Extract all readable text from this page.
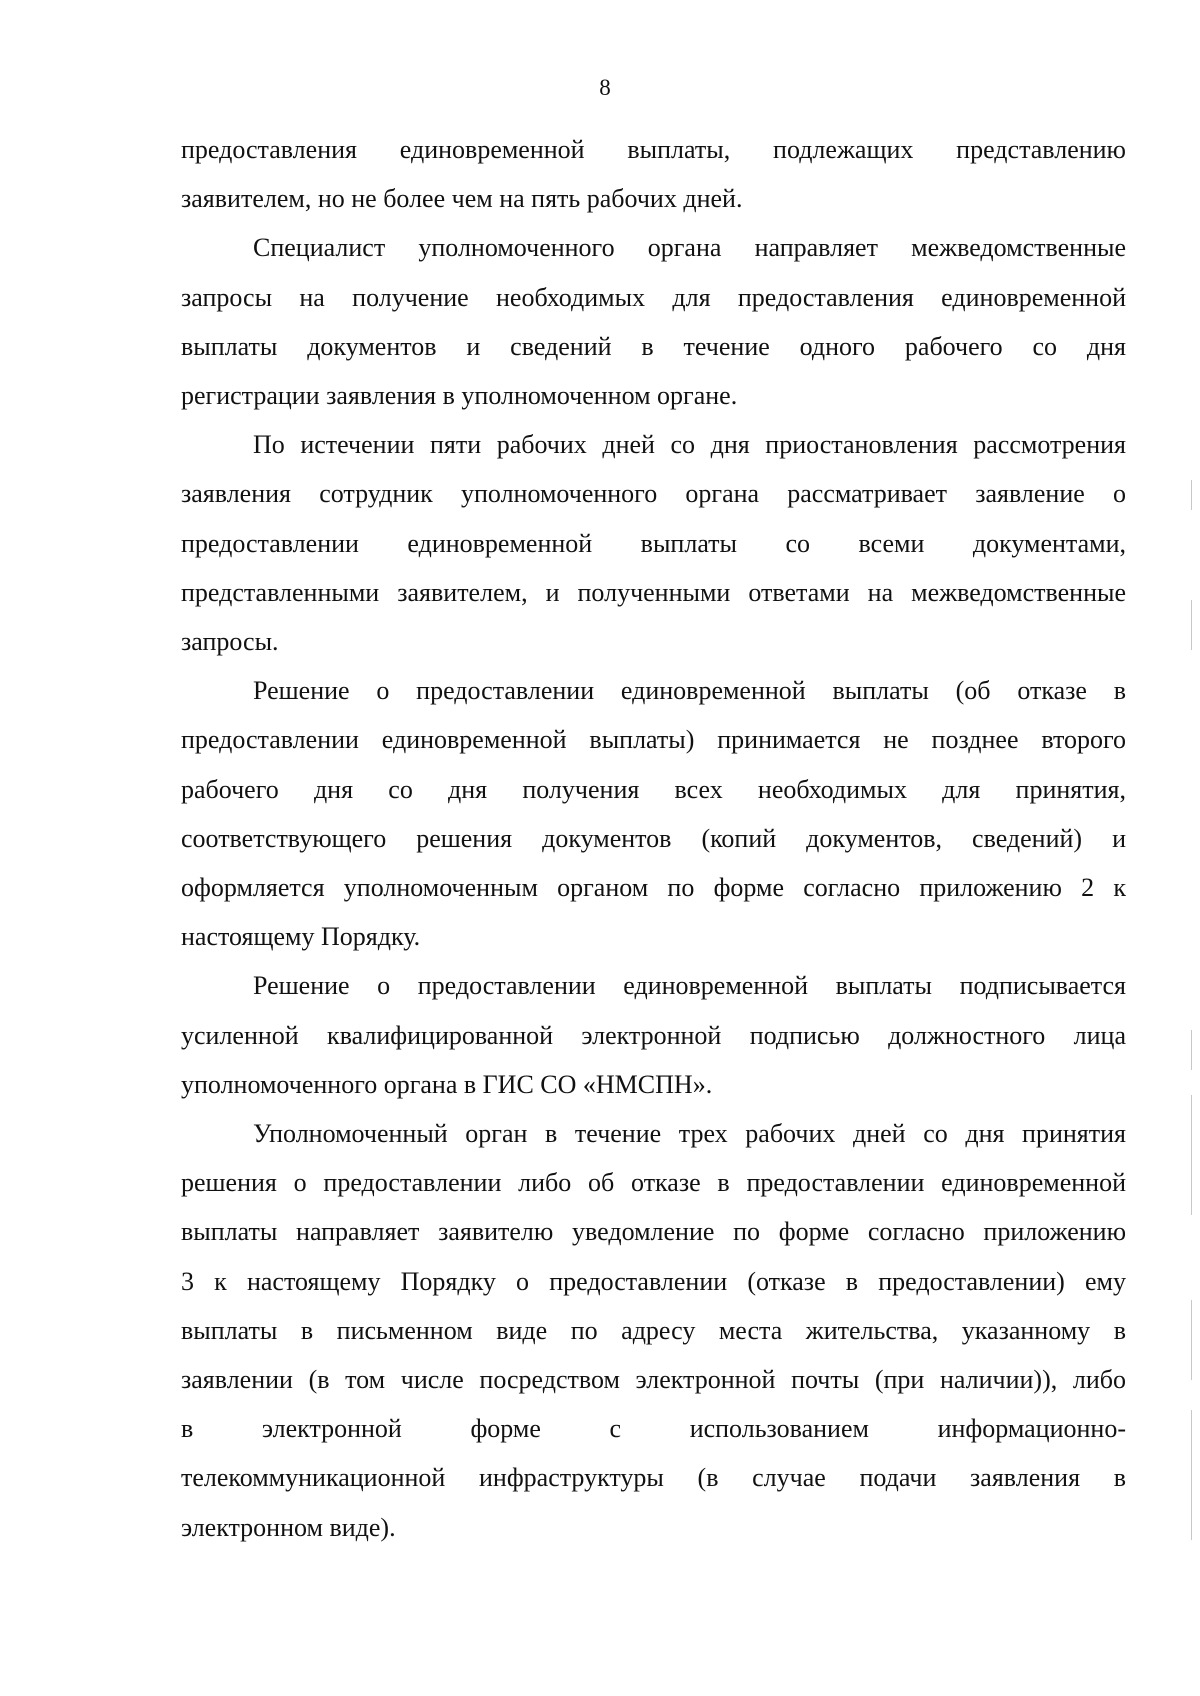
8
предоставления единовременной выплаты, подлежащих представлению
заявителем, но не более чем на пять рабочих дней.
Специалист уполномоченного органа направляет межведомственные
запросы на получение необходимых для предоставления единовременной
выплаты документов и сведений в течение одного рабочего со дня
регистрации заявления в уполномоченном органе.
По истечении пяти рабочих дней со дня приостановления рассмотрения
заявления сотрудник уполномоченного органа рассматривает заявление о
предоставлении единовременной выплаты со всеми документами,
представленными заявителем, и полученными ответами на межведомственные
запросы.
Решение о предоставлении единовременной выплаты (об отказе в
предоставлении единовременной выплаты) принимается не позднее второго
рабочего дня со дня получения всех необходимых для принятия,
соответствующего решения документов (копий документов, сведений) и
оформляется уполномоченным органом по форме согласно приложению 2 к
настоящему Порядку.
Решение о предоставлении единовременной выплаты подписывается
усиленной квалифицированной электронной подписью должностного лица
уполномоченного органа в ГИС СО «НМСПН».
Уполномоченный орган в течение трех рабочих дней со дня принятия
решения о предоставлении либо об отказе в предоставлении единовременной
выплаты направляет заявителю уведомление по форме согласно приложению
3 к настоящему Порядку о предоставлении (отказе в предоставлении) ему
выплаты в письменном виде по адресу места жительства, указанному в
заявлении (в том числе посредством электронной почты (при наличии)), либо
в электронной форме с использованием информационно-
телекоммуникационной инфраструктуры (в случае подачи заявления в
электронном виде).
